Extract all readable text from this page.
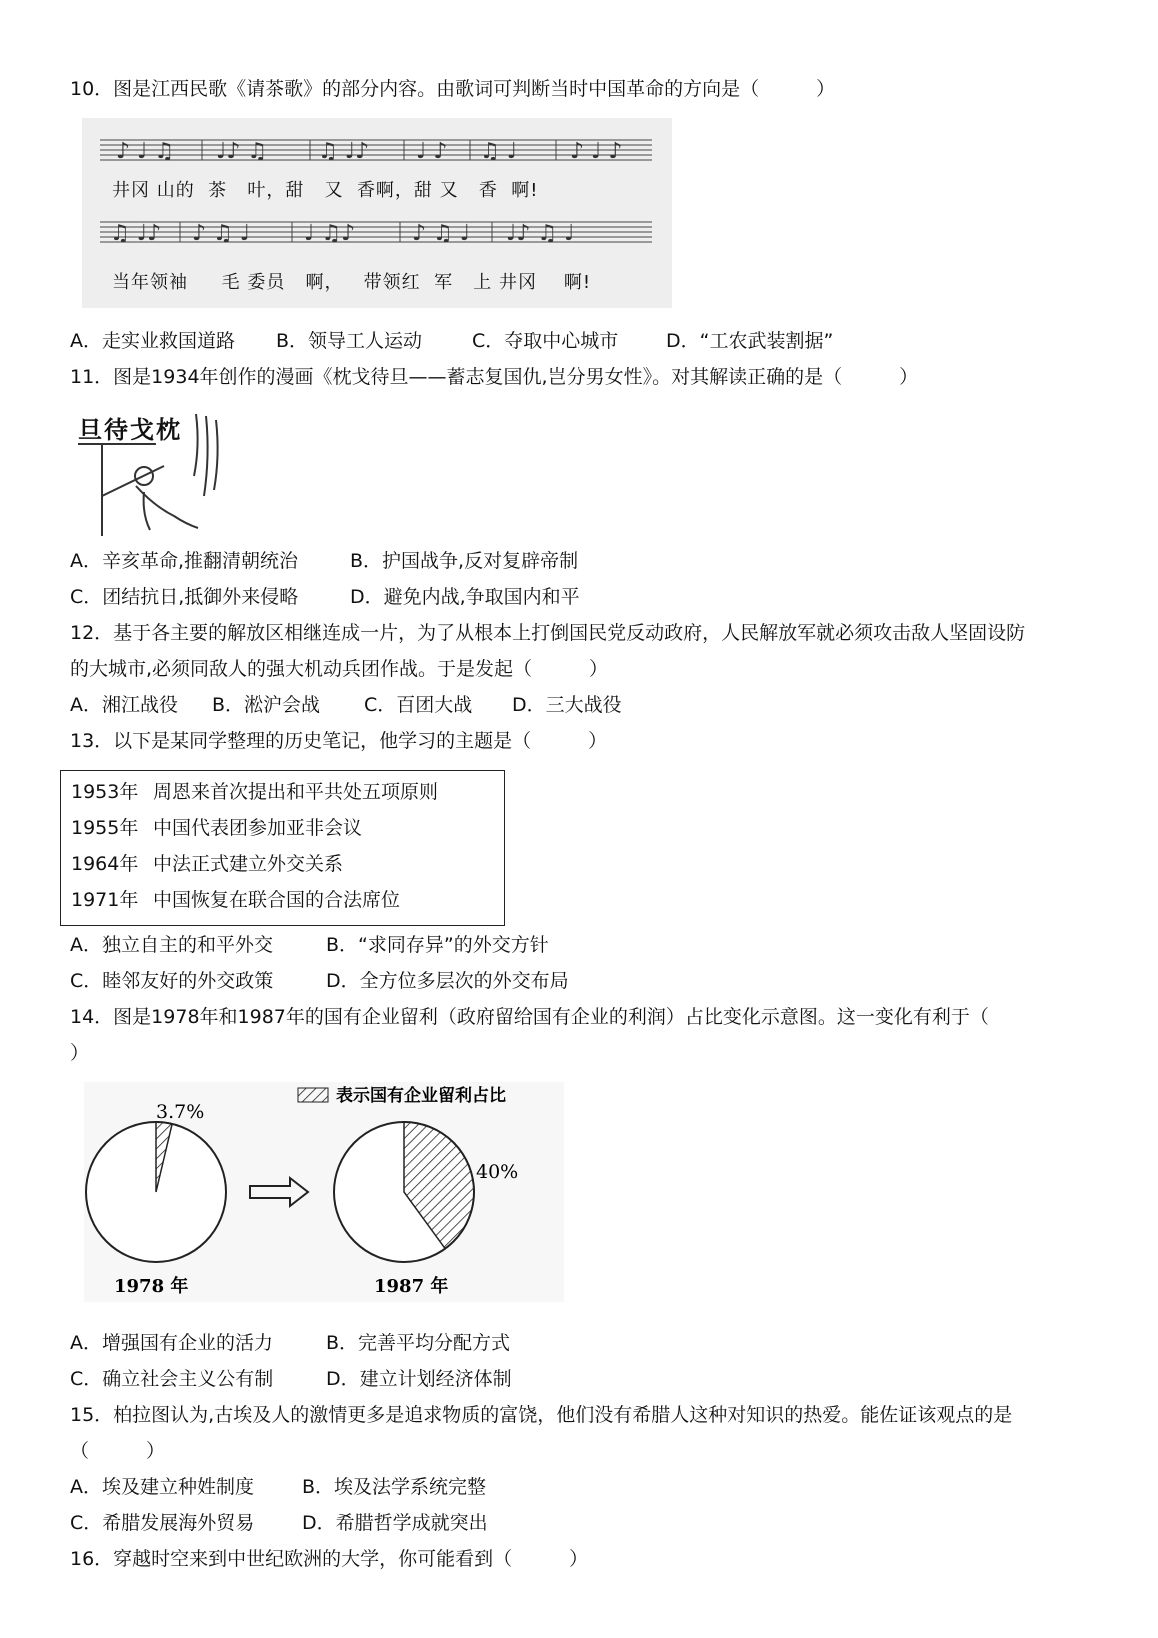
10．图是江西民歌《请茶歌》的部分内容。由歌词可判断当时中国革命的方向是（　　　）
♪ ♩ ♫ ♩♪ ♫ ♫ ♩♪ ♩ ♪ ♫ ♩ ♪ ♩ ♪
♫ ♩♪ ♪ ♫ ♩ ♩ ♫♪	♪ ♫ ♩ ♩♪ ♫ ♩
井冈 山的  茶   叶，甜   又  香啊，甜 又   香  啊!
当年领袖     毛 委员   啊，   带领红  军   上 井冈    啊!
A．走实业救国道路 B．领导工人运动	C．夺取中心城市	D．“工农武装割据”
11．图是1934年创作的漫画《枕戈待旦——蓄志复国仇,岂分男女性》。对其解读正确的是（　　　）
旦待戈枕
A．辛亥革命,推翻清朝统治	B．护国战争,反对复辟帝制
C．团结抗日,抵御外来侵略	D．避免内战,争取国内和平
12．基于各主要的解放区相继连成一片，为了从根本上打倒国民党反动政府，人民解放军就必须攻击敌人坚固设防
的大城市,必须同敌人的强大机动兵团作战。于是发起（　　　）
A．湘江战役 B．淞沪会战 C．百团大战 D．三大战役
13．以下是某同学整理的历史笔记，他学习的主题是（　　　）
1953年 周恩来首次提出和平共处五项原则
1955年 中国代表团参加亚非会议
1964年 中法正式建立外交关系
1971年 中国恢复在联合国的合法席位
A．独立自主的和平外交	B．“求同存异”的外交方针
C．睦邻友好的外交政策	D．全方位多层次的外交布局
14．图是1978年和1987年的国有企业留利（政府留给国有企业的利润）占比变化示意图。这一变化有利于（
）
表示国有企业留利占比
1978 年	1987 年
3.7%
40%
A．增强国有企业的活力	B．完善平均分配方式
C．确立社会主义公有制	D．建立计划经济体制
15．柏拉图认为,古埃及人的激情更多是追求物质的富饶，他们没有希腊人这种对知识的热爱。能佐证该观点的是
（　　　）
A．埃及建立种姓制度	B．埃及法学系统完整
C．希腊发展海外贸易	D．希腊哲学成就突出
16．穿越时空来到中世纪欧洲的大学，你可能看到（　　　）
